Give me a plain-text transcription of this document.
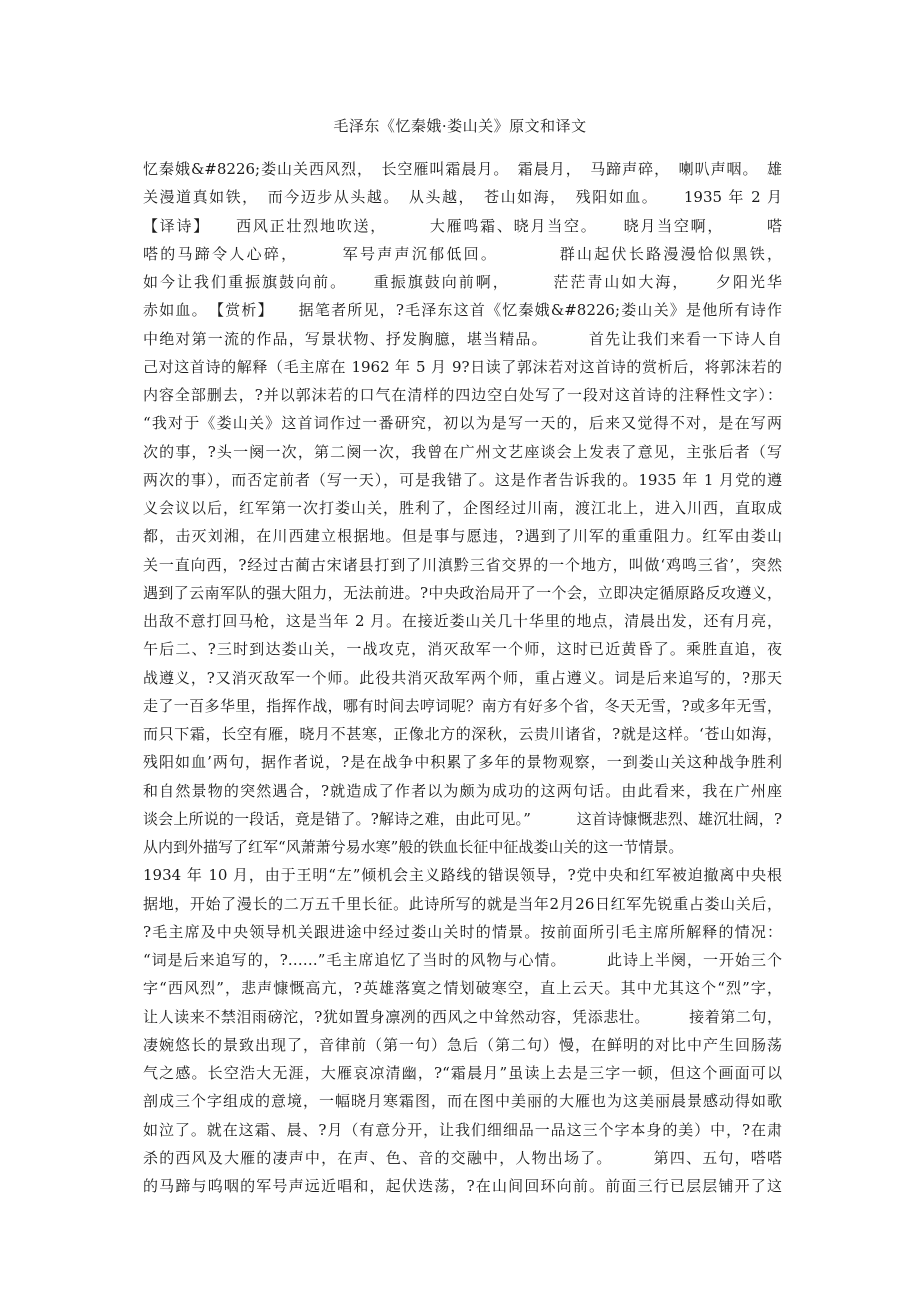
毛泽东《忆秦娥·娄山关》原文和译文
忆秦娥&#8226;娄山关西风烈，　长空雁叫霜晨月。　霜晨月，　马蹄声碎，　喇叭声咽。　雄
关漫道真如铁，　而今迈步从头越。　从头越，　苍山如海，　残阳如血。　　1935 年 2 月
【译诗】　　西风正壮烈地吹送，　　　大雁鸣霜、晓月当空。　　晓月当空啊，　　　嗒
嗒的马蹄令人心碎，　　　军号声声沉郁低回。　　　　群山起伏长路漫漫恰似黑铁，
如今让我们重振旗鼓向前。　　重振旗鼓向前啊，　　　茫茫青山如大海，　　夕阳光华
赤如血。　【赏析】　　据笔者所见，?毛泽东这首《忆秦娥&#8226;娄山关》是他所有诗作
中绝对第一流的作品，写景状物、抒发胸臆，堪当精品。　　　首先让我们来看一下诗人自
己对这首诗的解释（毛主席在 1962 年 5 月 9?日读了郭沫若对这首诗的赏析后，将郭沫若的
内容全部删去，?并以郭沫若的口气在清样的四边空白处写了一段对这首诗的注释性文字）：
“我对于《娄山关》这首词作过一番研究，初以为是写一天的，后来又觉得不对，是在写两
次的事，?头一阕一次，第二阕一次，我曾在广州文艺座谈会上发表了意见，主张后者（写
两次的事），而否定前者（写一天），可是我错了。这是作者告诉我的。1935 年 1 月党的遵
义会议以后，红军第一次打娄山关，胜利了，企图经过川南，渡江北上，进入川西，直取成
都，击灭刘湘，在川西建立根据地。但是事与愿违，?遇到了川军的重重阻力。红军由娄山
关一直向西，?经过古蔺古宋诸县打到了川滇黔三省交界的一个地方，叫做‘鸡鸣三省’，突然
遇到了云南军队的强大阻力，无法前进。?中央政治局开了一个会，立即决定循原路反攻遵义，
出敌不意打回马枪，这是当年 2 月。在接近娄山关几十华里的地点，清晨出发，还有月亮，
午后二、?三时到达娄山关，一战攻克，消灭敌军一个师，这时已近黄昏了。乘胜直追，夜
战遵义，?又消灭敌军一个师。此役共消灭敌军两个师，重占遵义。词是后来追写的，?那天
走了一百多华里，指挥作战，哪有时间去哼词呢？南方有好多个省，冬天无雪，?或多年无雪，
而只下霜，长空有雁，晓月不甚寒，正像北方的深秋，云贵川诸省，?就是这样。‘苍山如海，
残阳如血’两句，据作者说，?是在战争中积累了多年的景物观察，一到娄山关这种战争胜利
和自然景物的突然遇合，?就造成了作者以为颇为成功的这两句话。由此看来，我在广州座
谈会上所说的一段话，竟是错了。?解诗之难，由此可见。”　　　这首诗慷慨悲烈、雄沉壮阔，?
从内到外描写了红军“风萧萧兮易水寒”般的铁血长征中征战娄山关的这一节情景。
1934 年 10 月，由于王明“左”倾机会主义路线的错误领导，?党中央和红军被迫撤离中央根
据地，开始了漫长的二万五千里长征。此诗所写的就是当年2月26日红军先锐重占娄山关后，
?毛主席及中央领导机关跟进途中经过娄山关时的情景。按前面所引毛主席所解释的情况：
“词是后来追写的，?……”毛主席追忆了当时的风物与心情。　　　此诗上半阕，一开始三个
字“西风烈”，悲声慷慨高亢，?英雄落寞之情划破寒空，直上云天。其中尤其这个“烈”字，
让人读来不禁泪雨磅沱，?犹如置身凛冽的西风之中耸然动容，凭添悲壮。　　　接着第二句，
凄婉悠长的景致出现了，音律前（第一句）急后（第二句）慢，在鲜明的对比中产生回肠荡
气之感。长空浩大无涯，大雁哀凉清幽，?“霜晨月”虽读上去是三字一顿，但这个画面可以
剖成三个字组成的意境，一幅晓月寒霜图，而在图中美丽的大雁也为这美丽晨景感动得如歌
如泣了。就在这霜、晨、?月（有意分开，让我们细细品一品这三个字本身的美）中，?在肃
杀的西风及大雁的凄声中，在声、色、音的交融中，人物出场了。　　　第四、五句，嗒嗒
的马蹄与呜咽的军号声远近唱和，起伏迭荡，?在山间回环向前。前面三行已层层铺开了这
